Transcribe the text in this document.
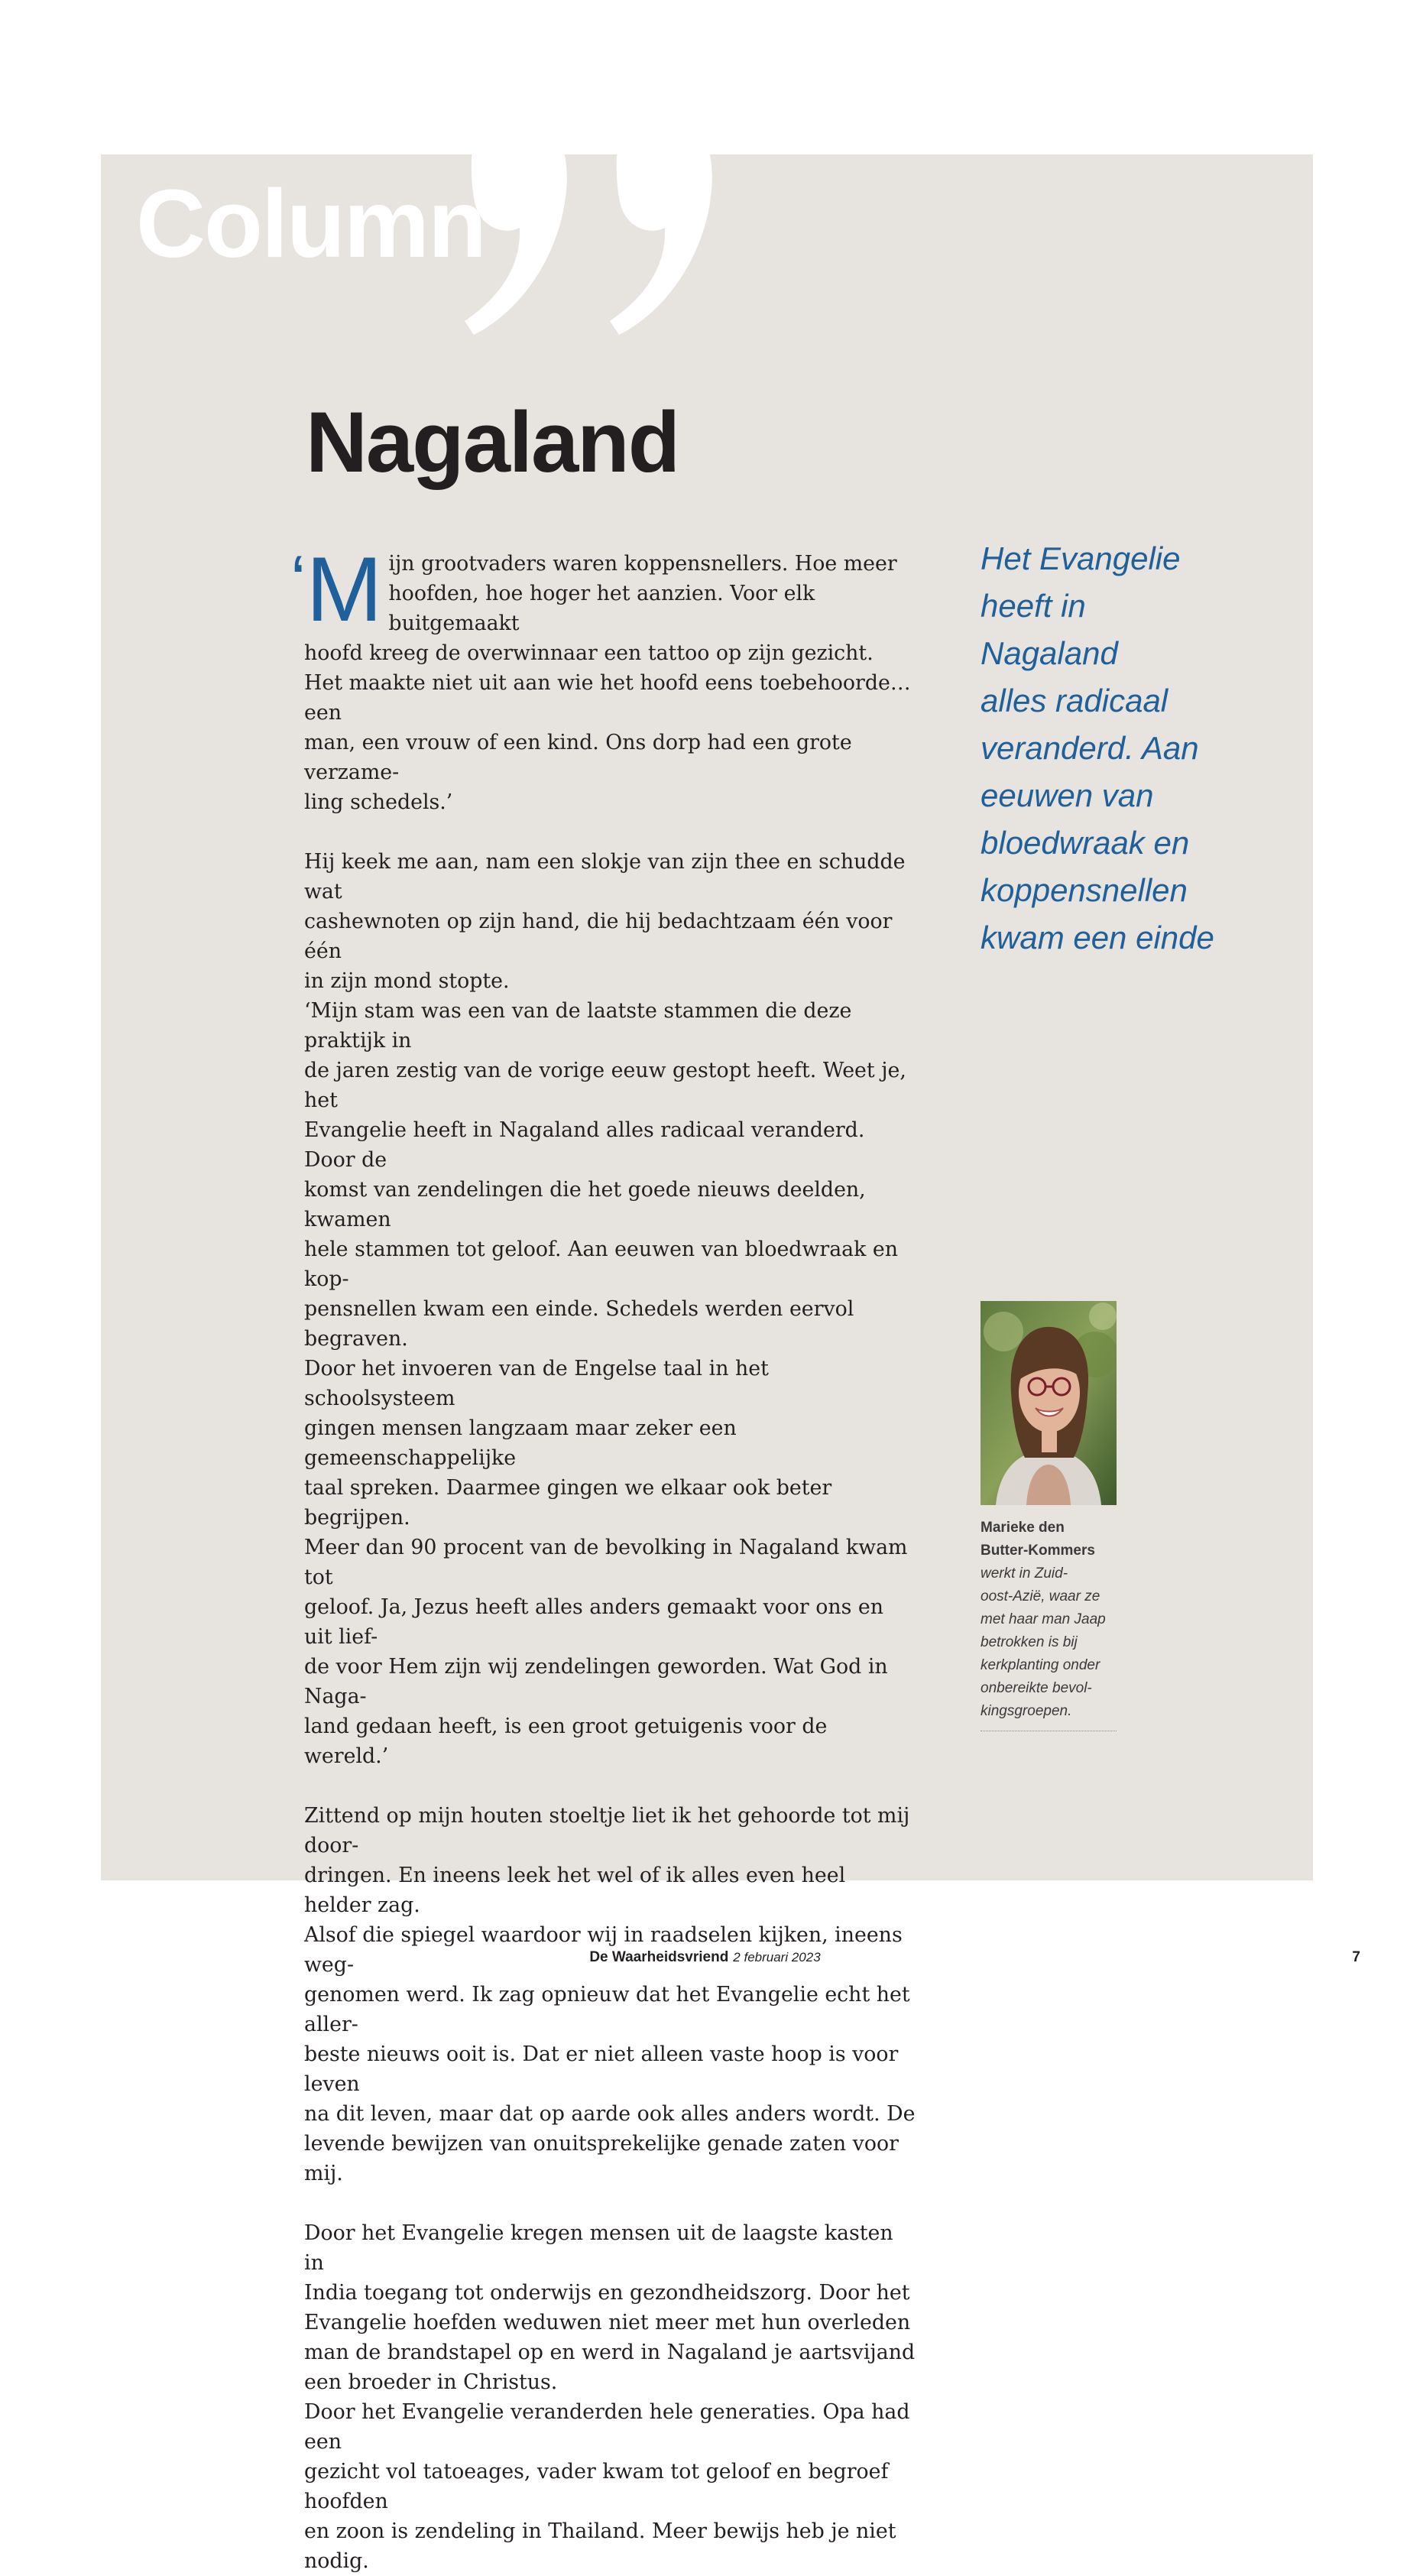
Column
Nagaland

‘M ijn grootvaders waren koppensnellers. Hoe meer
hoofden, hoe hoger het aanzien. Voor elk buitgemaakt
hoofd kreeg de overwinnaar een tattoo op zijn gezicht.
Het maakte niet uit aan wie het hoofd eens toebehoorde… een
man, een vrouw of een kind. Ons dorp had een grote verzame-
ling schedels.’

Hij keek me aan, nam een slokje van zijn thee en schudde wat
cashewnoten op zijn hand, die hij bedachtzaam één voor één
in zijn mond stopte.

‘Mijn stam was een van de laatste stammen die deze praktijk in
de jaren zestig van de vorige eeuw gestopt heeft. Weet je, het
Evangelie heeft in Nagaland alles radicaal veranderd. Door de
komst van zendelingen die het goede nieuws deelden, kwamen
hele stammen tot geloof. Aan eeuwen van bloedwraak en kop-
pensnellen kwam een einde. Schedels werden eervol begraven.
Door het invoeren van de Engelse taal in het schoolsysteem
gingen mensen langzaam maar zeker een gemeenschappelijke
taal spreken. Daarmee gingen we elkaar ook beter begrijpen.
Meer dan 90 procent van de bevolking in Nagaland kwam tot
geloof. Ja, Jezus heeft alles anders gemaakt voor ons en uit lief-
de voor Hem zijn wij zendelingen geworden. Wat God in Naga-
land gedaan heeft, is een groot getuigenis voor de wereld.’

Zittend op mijn houten stoeltje liet ik het gehoorde tot mij door-
dringen. En ineens leek het wel of ik alles even heel helder zag.
Alsof die spiegel waardoor wij in raadselen kijken, ineens weg-
genomen werd. Ik zag opnieuw dat het Evangelie echt het aller-
beste nieuws ooit is. Dat er niet alleen vaste hoop is voor leven
na dit leven, maar dat op aarde ook alles anders wordt. De
levende bewijzen van onuitsprekelijke genade zaten voor mij.

Door het Evangelie kregen mensen uit de laagste kasten in
India toegang tot onderwijs en gezondheidszorg. Door het
Evangelie hoefden weduwen niet meer met hun overleden
man de brandstapel op en werd in Nagaland je aartsvijand
een broeder in Christus.

Door het Evangelie veranderden hele generaties. Opa had een
gezicht vol tatoeages, vader kwam tot geloof en begroef hoofden
en zoon is zendeling in Thailand. Meer bewijs heb je niet nodig.

Het Evangelie
heeft in
Nagaland
alles radicaal
veranderd. Aan
eeuwen van
bloedwraak en
koppensnellen
kwam een einde

Marieke den
Butter-Kommers
werkt in Zuid-
oost-Azië, waar ze
met haar man Jaap
betrokken is bij
kerkplanting onder
onbereikte bevol-
kingsgroepen.
De Waarheidsvriend 2 februari 2023	7
